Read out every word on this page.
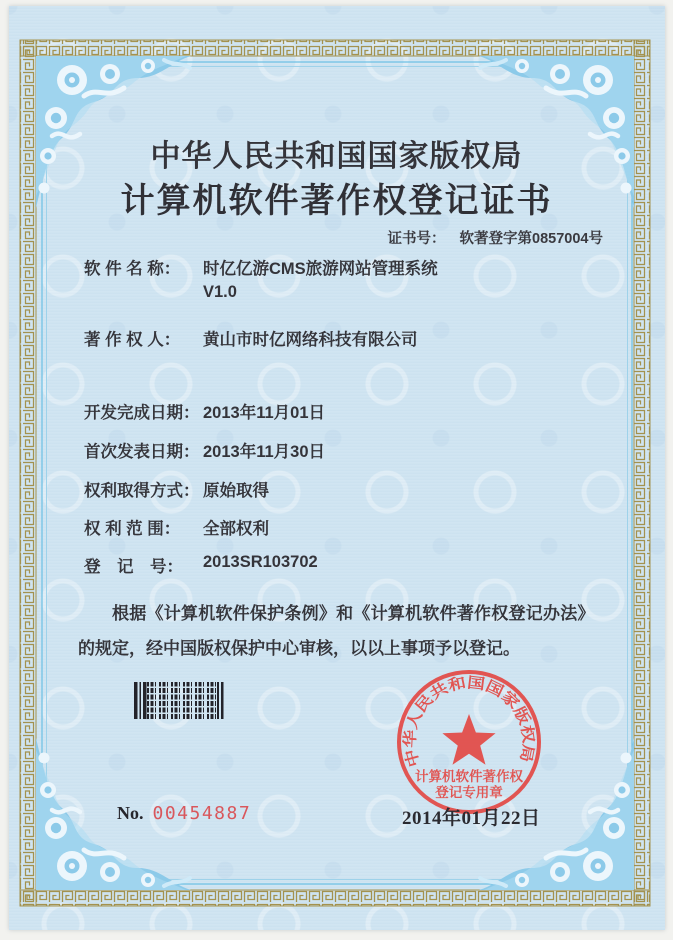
中华人民共和国国家版权局
计算机软件著作权登记证书
证书号： 软著登字第0857004号
软 件 名 称：	时亿亿游CMS旅游网站管理系统
V1.0
著 作 权 人：	黄山市时亿网络科技有限公司
开发完成日期： 2013年11月01日
首次发表日期： 2013年11月30日
权利取得方式： 原始取得
权 利 范 围：	全部权利
登　记　号：	2013SR103702
根据《计算机软件保护条例》和《计算机软件著作权登记办法》的规定，经中国版权保护中心审核，以以上事项予以登记。
中华人民共和国国家版权局
计算机软件著作权
登记专用章
2014年01月22日
No. 00454887
